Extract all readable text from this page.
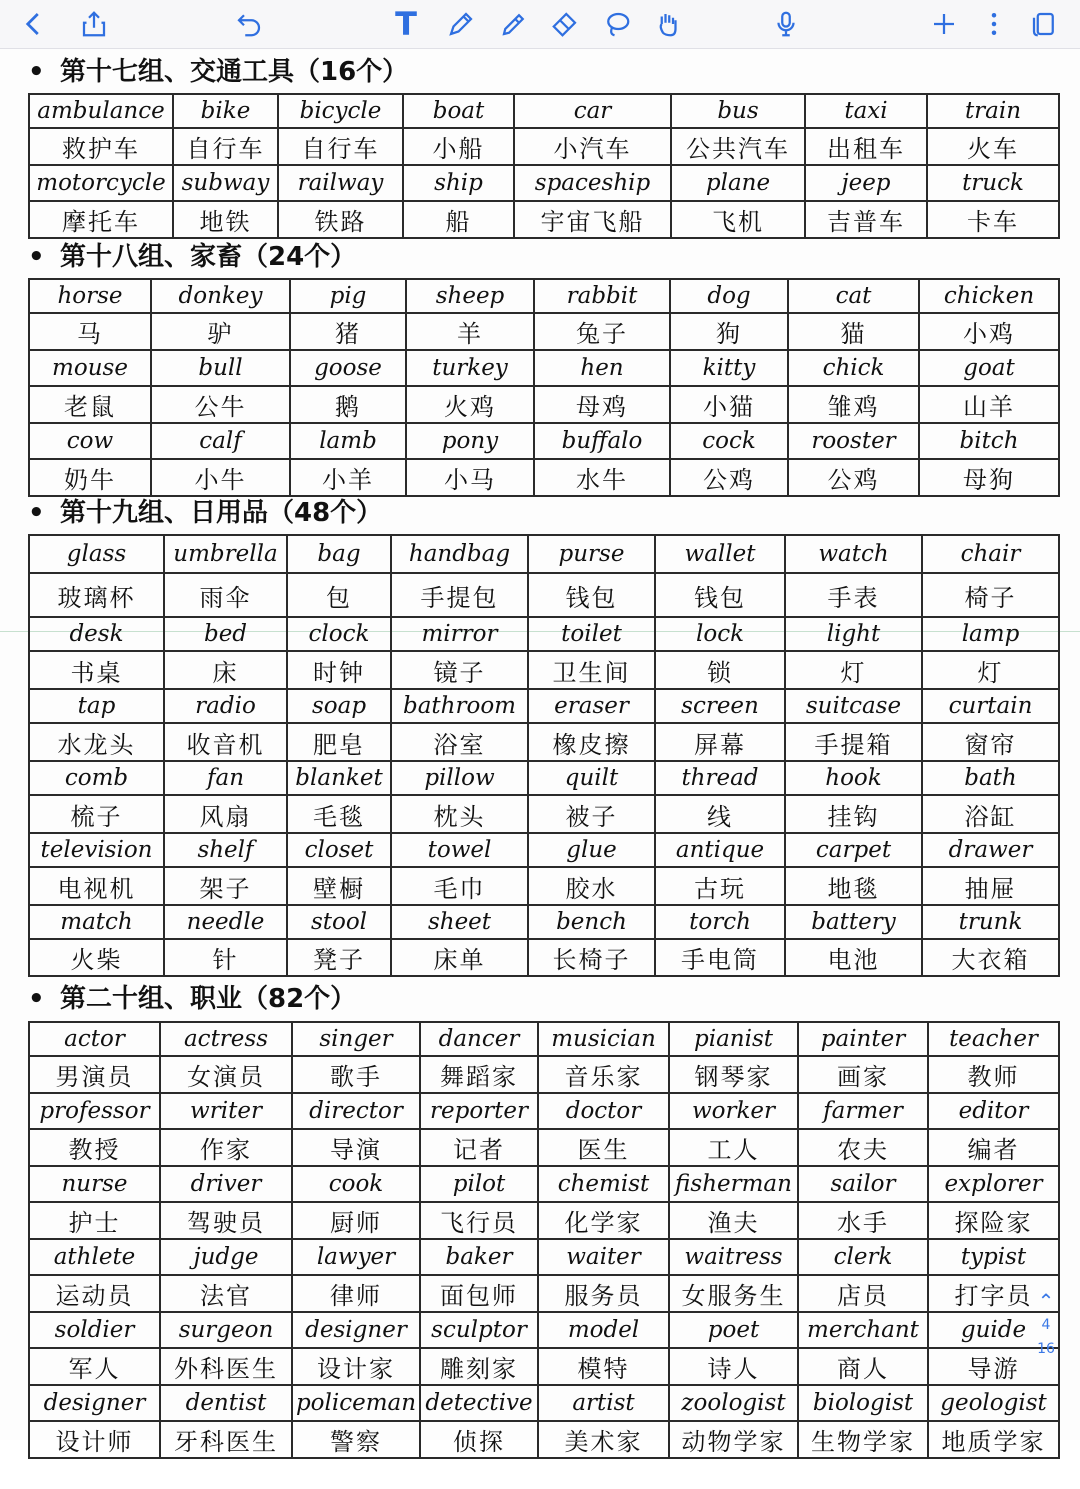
T
• 第十七组、交通工具（16个）
ambulance	bike	bicycle	boat	car	bus	taxi	train
救护车	自行车	自行车	小船	小汽车	公共汽车	出租车	火车
motorcycle	subway	railway	ship	spaceship	plane	jeep	truck
摩托车	地铁	铁路	船	宇宙飞船	飞机	吉普车	卡车
• 第十八组、家畜（24个）
horse	donkey	pig	sheep	rabbit	dog	cat	chicken
马	驴	猪	羊	兔子	狗	猫	小鸡
mouse	bull	goose	turkey	hen	kitty	chick	goat
老鼠	公牛	鹅	火鸡	母鸡	小猫	雏鸡	山羊
cow	calf	lamb	pony	buffalo	cock	rooster	bitch
奶牛	小牛	小羊	小马	水牛	公鸡	公鸡	母狗
• 第十九组、日用品（48个）
glass	umbrella	bag	handbag	purse	wallet	watch	chair
玻璃杯	雨伞	包	手提包	钱包	钱包	手表	椅子
desk	bed	clock	mirror	toilet	lock	light	lamp
书桌	床	时钟	镜子	卫生间	锁	灯	灯
tap	radio	soap	bathroom	eraser	screen	suitcase	curtain
水龙头	收音机	肥皂	浴室	橡皮擦	屏幕	手提箱	窗帘
comb	fan	blanket	pillow	quilt	thread	hook	bath
梳子	风扇	毛毯	枕头	被子	线	挂钩	浴缸
television	shelf	closet	towel	glue	antique	carpet	drawer
电视机	架子	壁橱	毛巾	胶水	古玩	地毯	抽屉
match	needle	stool	sheet	bench	torch	battery	trunk
火柴	针	凳子	床单	长椅子	手电筒	电池	大衣箱
• 第二十组、职业（82个）
actor	actress	singer	dancer	musician	pianist	painter	teacher
男演员	女演员	歌手	舞蹈家	音乐家	钢琴家	画家	教师
professor	writer	director	reporter	doctor	worker	farmer	editor
教授	作家	导演	记者	医生	工人	农夫	编者
nurse	driver	cook	pilot	chemist	fisherman	sailor	explorer
护士	驾驶员	厨师	飞行员	化学家	渔夫	水手	探险家
athlete	judge	lawyer	baker	waiter	waitress	clerk	typist
运动员	法官	律师	面包师	服务员	女服务生	店员	打字员
soldier	surgeon	designer	sculptor	model	poet	merchant	guide
军人	外科医生	设计家	雕刻家	模特	诗人	商人	导游
designer	dentist	policeman	detective	artist	zoologist	biologist	geologist
设计师	牙科医生	警察	侦探	美术家	动物学家	生物学家	地质学家
⌃
4
16
